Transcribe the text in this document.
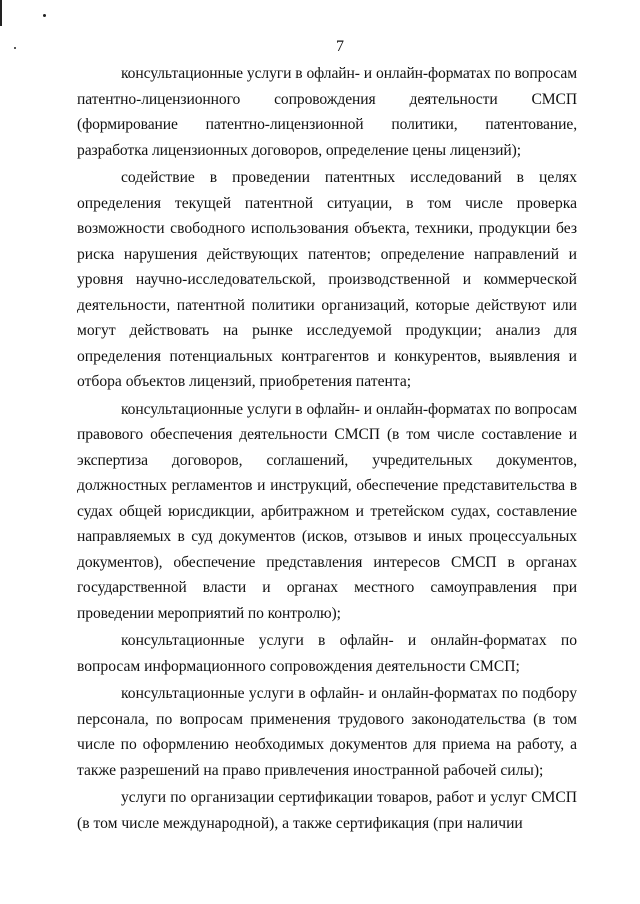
7

консультационные услуги в офлайн- и онлайн-форматах по вопросам патентно-лицензионного сопровождения деятельности СМСП (формирование патентно-лицензионной политики, патентование, разработка лицензионных договоров, определение цены лицензий);

содействие в проведении патентных исследований в целях определения текущей патентной ситуации, в том числе проверка возможности свободного использования объекта, техники, продукции без риска нарушения действующих патентов; определение направлений и уровня научно-исследовательской, производственной и коммерческой деятельности, патентной политики организаций, которые действуют или могут действовать на рынке исследуемой продукции; анализ для определения потенциальных контрагентов и конкурентов, выявления и отбора объектов лицензий, приобретения патента;

консультационные услуги в офлайн- и онлайн-форматах по вопросам правового обеспечения деятельности СМСП (в том числе составление и экспертиза договоров, соглашений, учредительных документов, должностных регламентов и инструкций, обеспечение представительства в судах общей юрисдикции, арбитражном и третейском судах, составление направляемых в суд документов (исков, отзывов и иных процессуальных документов), обеспечение представления интересов СМСП в органах государственной власти и органах местного самоуправления при проведении мероприятий по контролю);

консультационные услуги в офлайн- и онлайн-форматах по вопросам информационного сопровождения деятельности СМСП;

консультационные услуги в офлайн- и онлайн-форматах по подбору персонала, по вопросам применения трудового законодательства (в том числе по оформлению необходимых документов для приема на работу, а также разрешений на право привлечения иностранной рабочей силы);

услуги по организации сертификации товаров, работ и услуг СМСП (в том числе международной), а также сертификация (при наличии
